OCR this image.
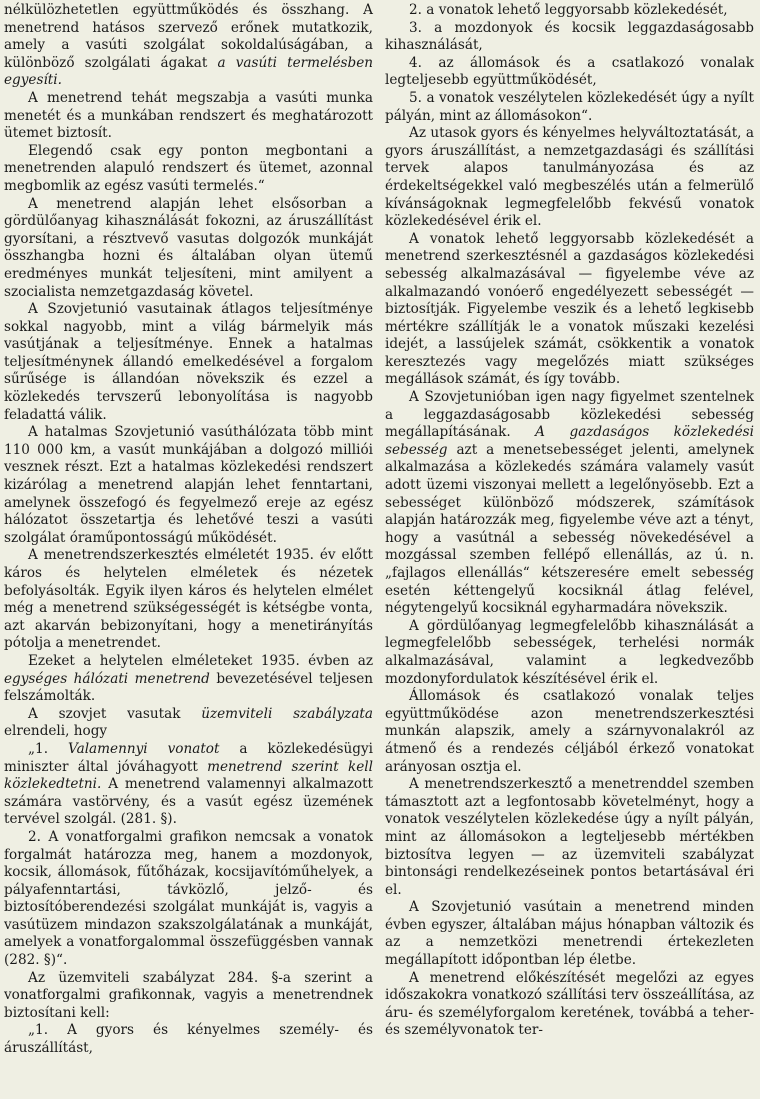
nélkülözhetetlen együttműködés és összhang. A menetrend hatásos szervező erőnek mutatkozik, amely a vasúti szolgálat sokoldalúságában, a különböző szolgálati ágakat a vasúti termelésben egyesíti.

A menetrend tehát megszabja a vasúti munka menetét és a munkában rendszert és meghatározott ütemet biztosít.

Elegendő csak egy ponton megbontani a menetrenden alapuló rendszert és ütemet, azonnal megbomlik az egész vasúti termelés.“

A menetrend alapján lehet elsősorban a gördülőanyag kihasználását fokozni, az áruszállítást gyorsítani, a résztvevő vasutas dolgozók munkáját összhangba hozni és általában olyan ütemű eredményes munkát teljesíteni, mint amilyent a szocialista nemzetgazdaság követel.

A Szovjetunió vasutainak átlagos teljesítménye sokkal nagyobb, mint a világ bármelyik más vasútjának a teljesítménye. Ennek a hatalmas teljesítménynek állandó emelkedésével a forgalom sűrűsége is állandóan növekszik és ezzel a közlekedés tervszerű lebonyolítása is nagyobb feladattá válik.

A hatalmas Szovjetunió vasúthálózata több mint 110 000 km, a vasút munkájában a dolgozó milliói vesznek részt. Ezt a hatalmas közlekedési rendszert kizárólag a menetrend alapján lehet fenntartani, amelynek összefogó és fegyelmező ereje az egész hálózatot összetartja és lehetővé teszi a vasúti szolgálat óraműpontosságú működését.

A menetrendszerkesztés elméletét 1935. év előtt káros és helytelen elméletek és nézetek befolyásolták. Egyik ilyen káros és helytelen elmélet még a menetrend szükségességét is kétségbe vonta, azt akarván bebizonyítani, hogy a menetirányítás pótolja a menetrendet.

Ezeket a helytelen elméleteket 1935. évben az egységes hálózati menetrend bevezetésével teljesen felszámolták.

A szovjet vasutak üzemviteli szabályzata elrendeli, hogy

„1. Valamennyi vonatot a közlekedésügyi miniszter által jóváhagyott menetrend szerint kell közlekedtetni. A menetrend valamennyi alkalmazott számára vastörvény, és a vasút egész üzemének tervével szolgál. (281. §).

2. A vonatforgalmi grafikon nemcsak a vonatok forgalmát határozza meg, hanem a mozdonyok, kocsik, állomások, fűtőházak, kocsijavítóműhelyek, a pályafenntartási, távközlő, jelző- és biztosítóberendezési szolgálat munkáját is, vagyis a vasútüzem mindazon szakszolgálatának a munkáját, amelyek a vonatforgalommal összefüggésben vannak (282. §)“.

Az üzemviteli szabályzat 284. §-a szerint a vonatforgalmi grafikonnak, vagyis a menetrendnek biztosítani kell:

„1. A gyors és kényelmes személy- és áruszállítást,

2. a vonatok lehető leggyorsabb közlekedését,

3. a mozdonyok és kocsik leggazdaságosabb kihasználását,

4. az állomások és a csatlakozó vonalak legteljesebb együttműködését,

5. a vonatok veszélytelen közlekedését úgy a nyílt pályán, mint az állomásokon“.

Az utasok gyors és kényelmes helyváltoztatását, a gyors áruszállítást, a nemzetgazdasági és szállítási tervek alapos tanulmányozása és az érdekeltségekkel való megbeszélés után a felmerülő kívánságoknak legmegfelelőbb fekvésű vonatok közlekedésével érik el.

A vonatok lehető leggyorsabb közlekedését a menetrend szerkesztésnél a gazdaságos közlekedési sebesség alkalmazásával — figyelembe véve az alkalmazandó vonóerő engedélyezett sebességét — biztosítják. Figyelembe veszik és a lehető legkisebb mértékre szállítják le a vonatok műszaki kezelési idejét, a lassújelek számát, csökkentik a vonatok keresztezés vagy megelőzés miatt szükséges megállások számát, és így tovább.

A Szovjetunióban igen nagy figyelmet szentelnek a leggazdaságosabb közlekedési sebesség megállapításának. A gazdaságos közlekedési sebesség azt a menetsebességet jelenti, amelynek alkalmazása a közlekedés számára valamely vasút adott üzemi viszonyai mellett a legelőnyösebb. Ezt a sebességet különböző módszerek, számítások alapján határozzák meg, figyelembe véve azt a tényt, hogy a vasútnál a sebesség növekedésével a mozgással szemben fellépő ellenállás, az ú. n. „fajlagos ellenállás“ kétszeresére emelt sebesség esetén kéttengelyű kocsiknál átlag felével, négytengelyű kocsiknál egyharmadára növekszik.

A gördülőanyag legmegfelelőbb kihasználását a legmegfelelőbb sebességek, terhelési normák alkalmazásával, valamint a legkedvezőbb mozdonyfordulatok készítésével érik el.

Állomások és csatlakozó vonalak teljes együttműködése azon menetrendszerkesztési munkán alapszik, amely a szárnyvonalakról az átmenő és a rendezés céljából érkező vonatokat arányosan osztja el.

A menetrendszerkesztő a menetrenddel szemben támasztott azt a legfontosabb követelményt, hogy a vonatok veszélytelen közlekedése úgy a nyílt pályán, mint az állomásokon a legteljesebb mértékben biztosítva legyen — az üzemviteli szabályzat bintonsági rendelkezéseinek pontos betartásával éri el.

A Szovjetunió vasútain a menetrend minden évben egyszer, általában május hónapban változik és az a nemzetközi menetrendi értekezleten megállapított időpontban lép életbe.

A menetrend előkészítését megelőzi az egyes időszakokra vonatkozó szállítási terv összeállítása, az áru- és személyforgalom keretének, továbbá a teher- és személyvonatok ter-
